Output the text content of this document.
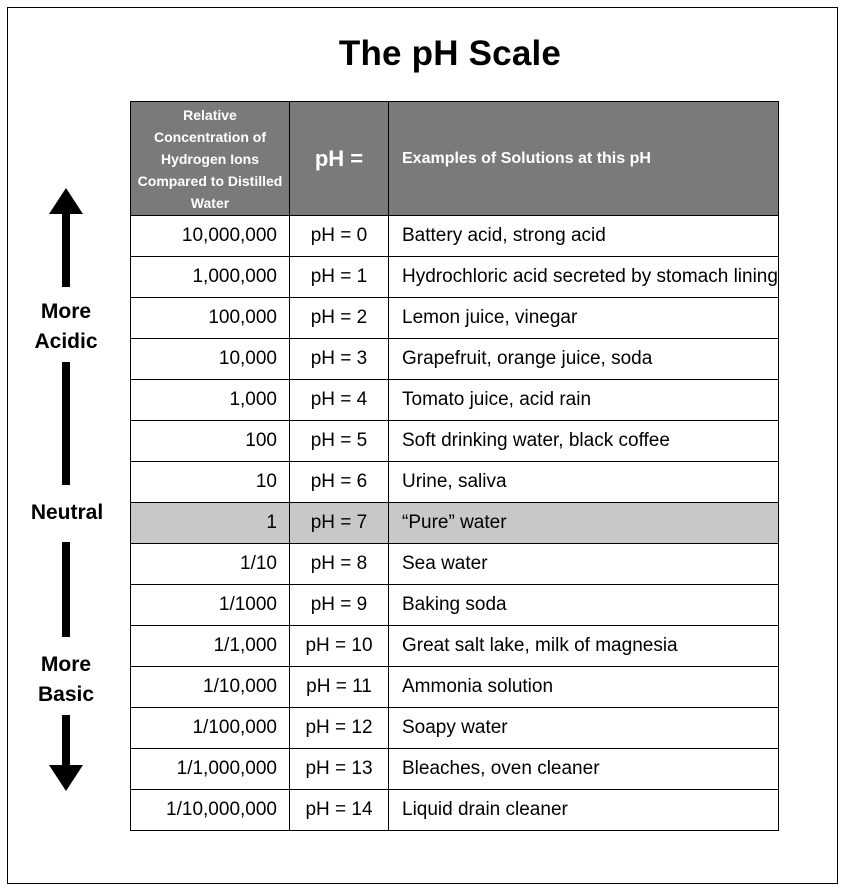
The pH Scale
More Acidic
Neutral
More Basic
Relative Concentration of Hydrogen Ions Compared to Distilled Water	pH =	Examples of Solutions at this pH
10,000,000	pH = 0	Battery acid, strong acid
1,000,000	pH = 1	Hydrochloric acid secreted by stomach lining
100,000	pH = 2	Lemon juice, vinegar
10,000	pH = 3	Grapefruit, orange juice, soda
1,000	pH = 4	Tomato juice, acid rain
100	pH = 5	Soft drinking water, black coffee
10	pH = 6	Urine, saliva
1	pH = 7	“Pure” water
1/10	pH = 8	Sea water
1/1000	pH = 9	Baking soda
1/1,000	pH = 10	Great salt lake, milk of magnesia
1/10,000	pH = 11	Ammonia solution
1/100,000	pH = 12	Soapy water
1/1,000,000	pH = 13	Bleaches, oven cleaner
1/10,000,000	pH = 14	Liquid drain cleaner
